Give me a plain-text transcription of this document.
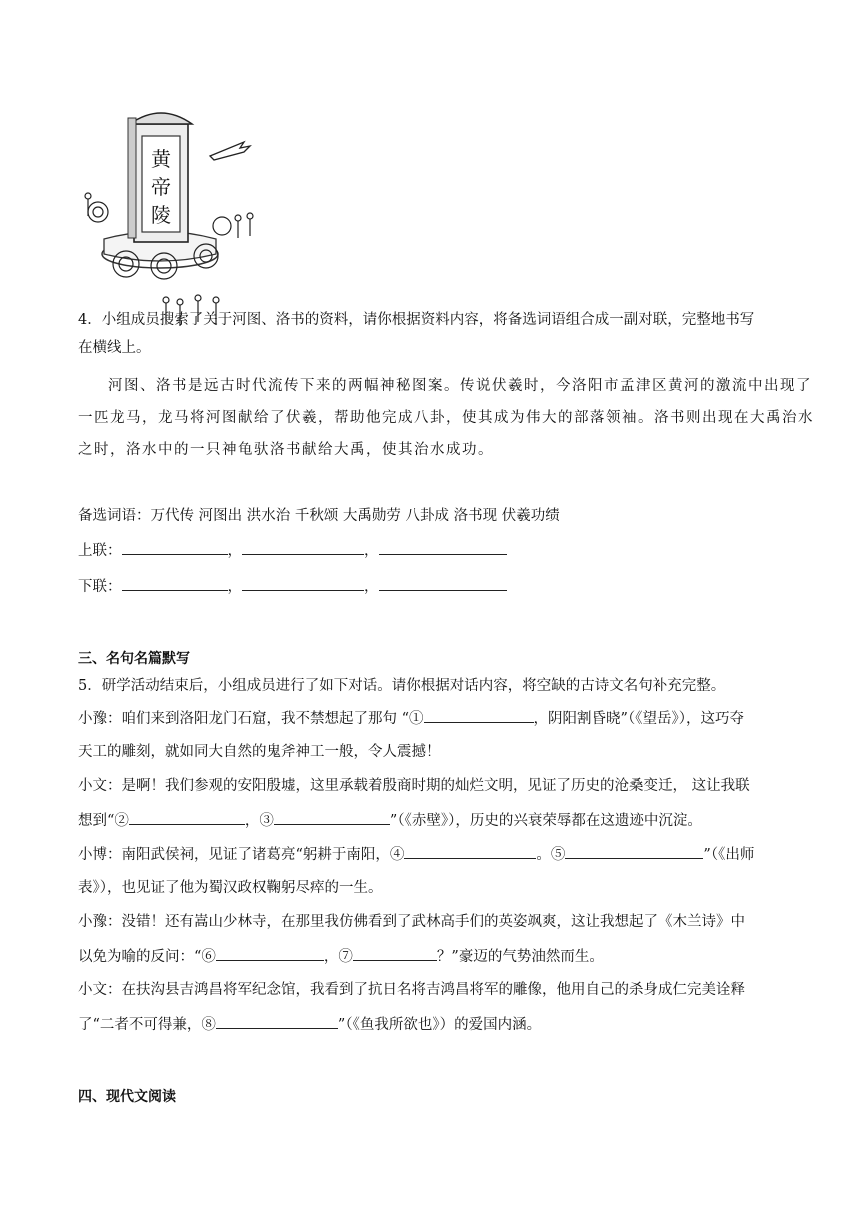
黄
帝
陵
4．小组成员搜索了关于河图、洛书的资料，请你根据资料内容，将备选词语组合成一副对联，完整地书写
在横线上。
河图、洛书是远古时代流传下来的两幅神秘图案。传说伏羲时，今洛阳市孟津区黄河的激流中出现了
一匹龙马，龙马将河图献给了伏羲，帮助他完成八卦，使其成为伟大的部落领袖。洛书则出现在大禹治水
之时，洛水中的一只神龟驮洛书献给大禹，使其治水成功。
备选词语：万代传 河图出 洪水治 千秋颂 大禹勋劳 八卦成 洛书现 伏羲功绩
上联：	，	，
下联：	，	，
三、名句名篇默写
5．研学活动结束后，小组成员进行了如下对话。请你根据对话内容，将空缺的古诗文名句补充完整。
小豫：咱们来到洛阳龙门石窟，我不禁想起了那句 “①	，阴阳割昏晓”（《望岳》），这巧夺
天工的雕刻，就如同大自然的鬼斧神工一般，令人震撼！
小文：是啊！我们参观的安阳殷墟，这里承载着殷商时期的灿烂文明，见证了历史的沧桑变迁， 这让我联
想到“②	，③	”（《赤壁》），历史的兴衰荣辱都在这遗迹中沉淀。
小博：南阳武侯祠，见证了诸葛亮“躬耕于南阳，④	。⑤	”（《出师
表》），也见证了他为蜀汉政权鞠躬尽瘁的一生。
小豫：没错！还有嵩山少林寺，在那里我仿佛看到了武林高手们的英姿飒爽，这让我想起了《木兰诗》中
以免为喻的反问：“⑥	，⑦	？”豪迈的气势油然而生。
小文：在扶沟县吉鸿昌将军纪念馆，我看到了抗日名将吉鸿昌将军的雕像，他用自己的杀身成仁完美诠释
了“二者不可得兼，⑧	”（《鱼我所欲也》）的爱国内涵。
四、现代文阅读
